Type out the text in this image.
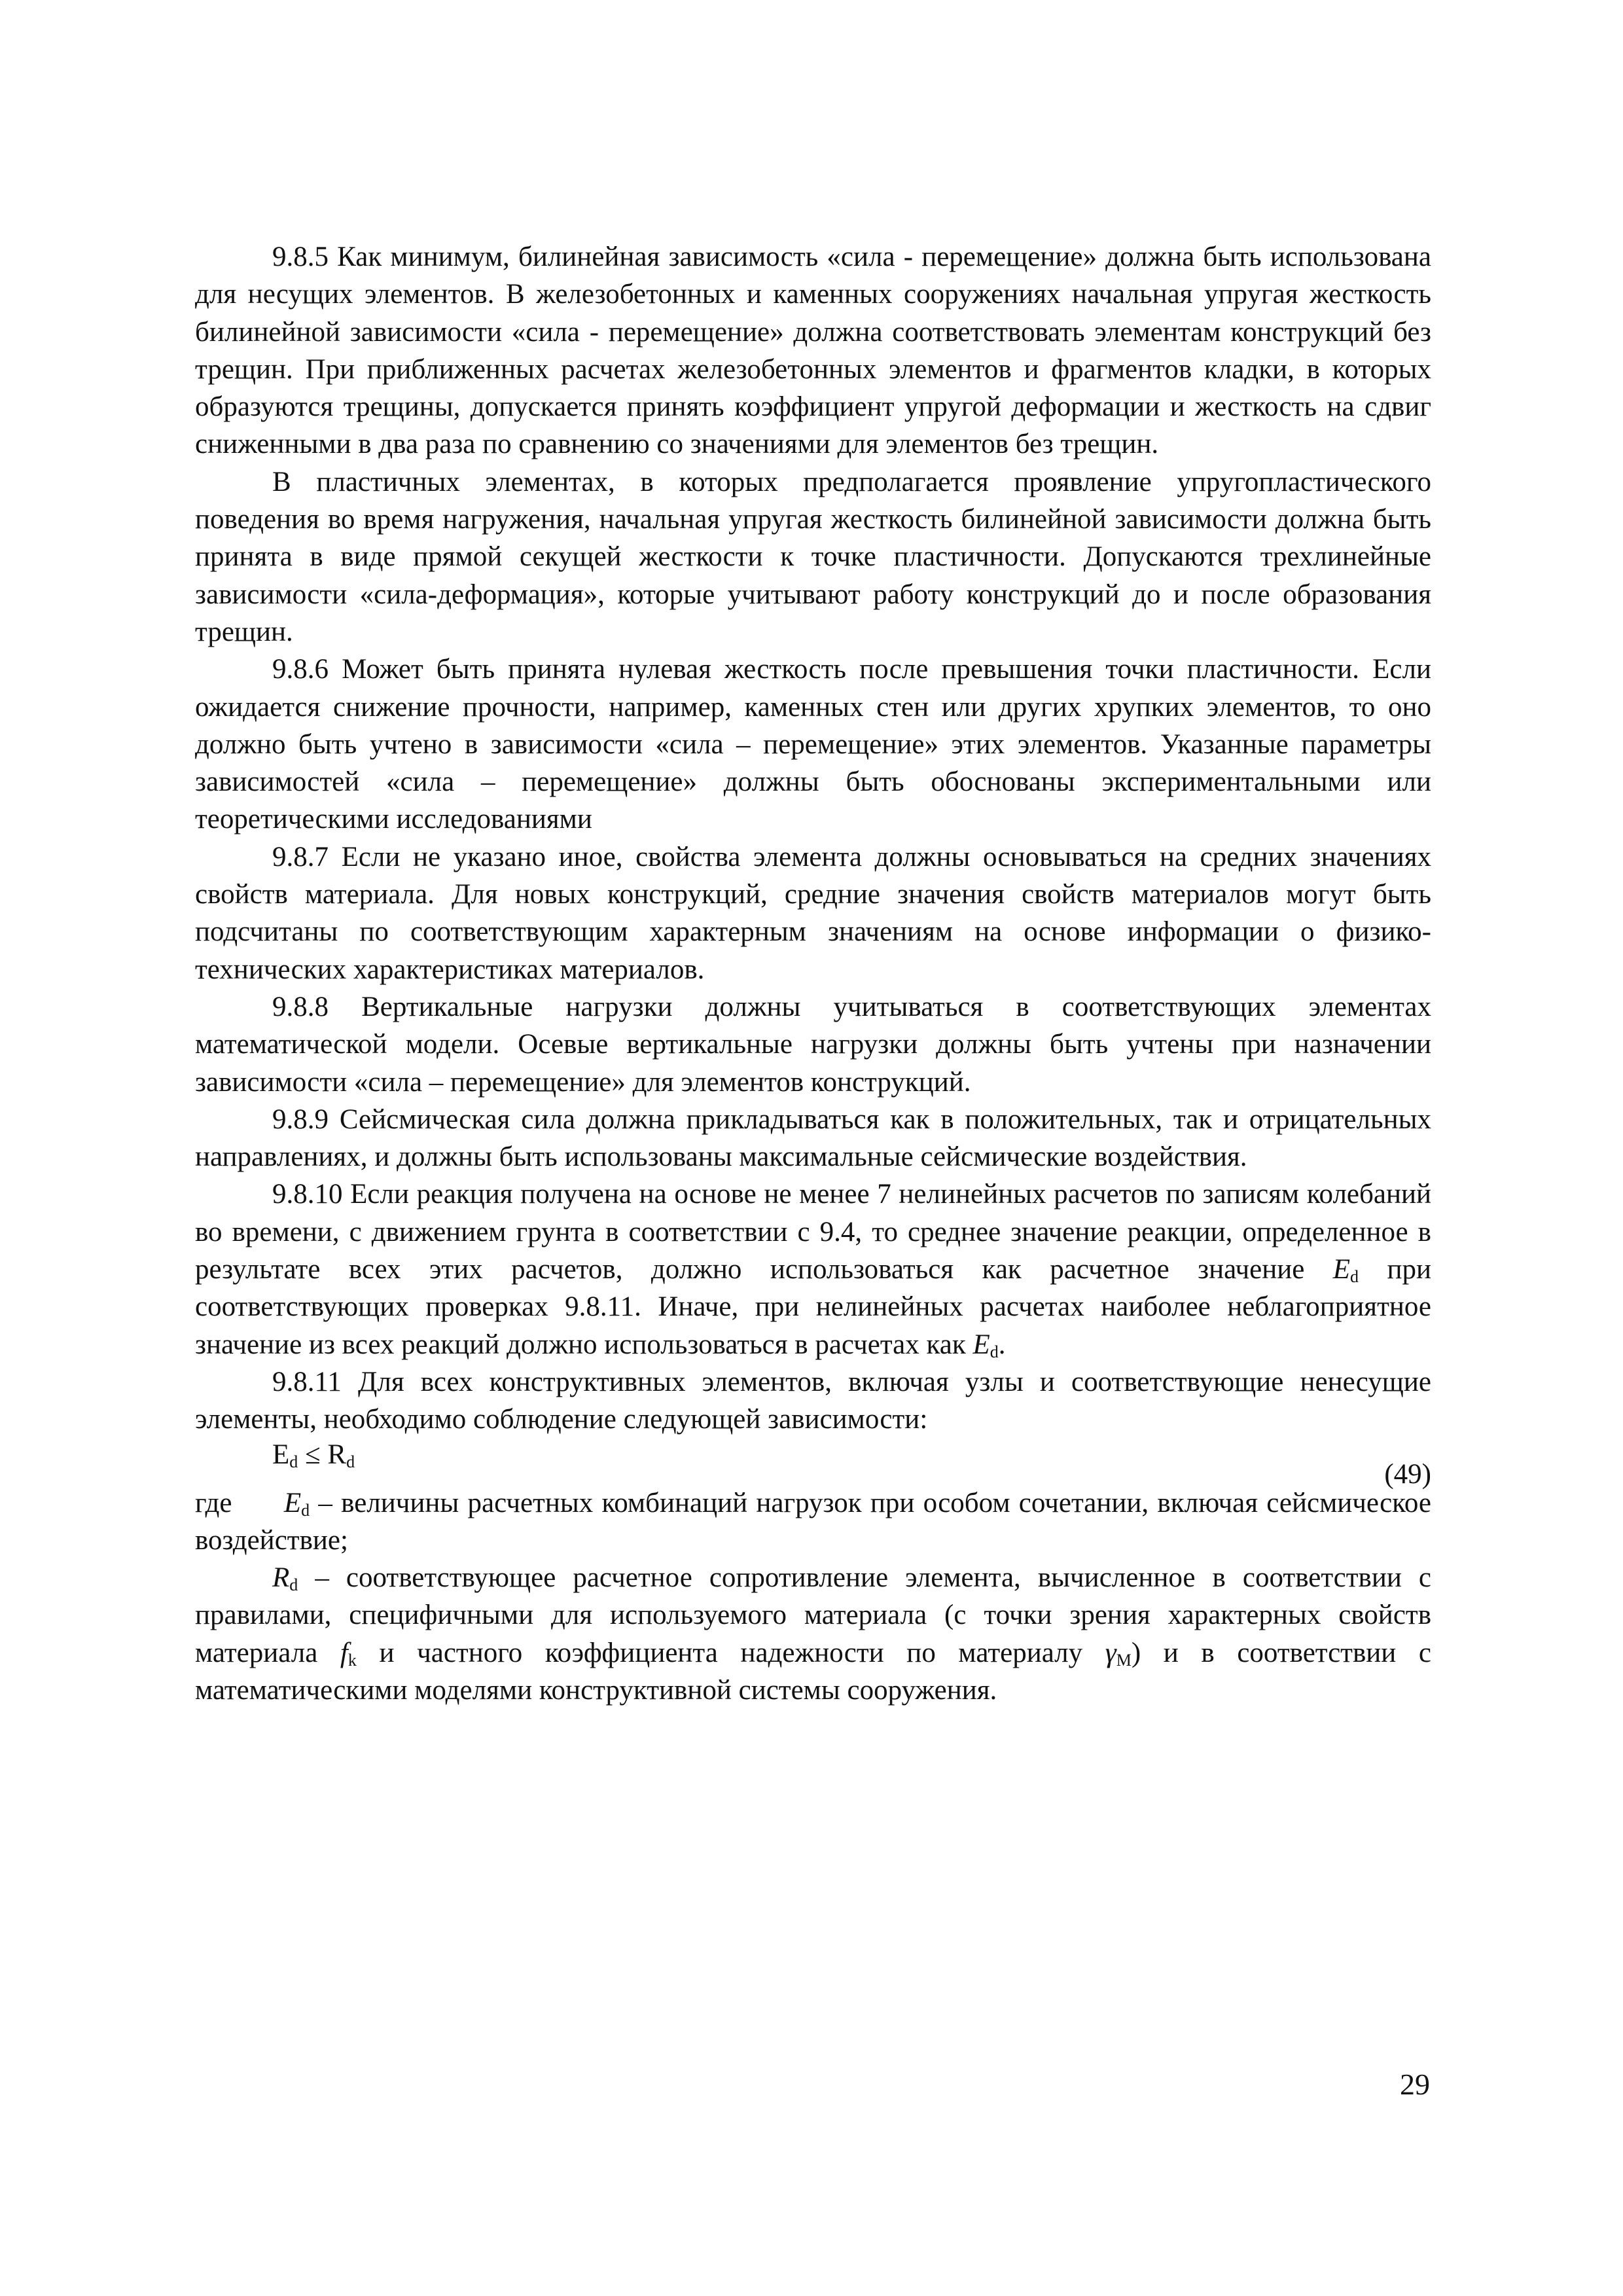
9.8.5 Как минимум, билинейная зависимость «сила - перемещение» должна быть использована для несущих элементов. В железобетонных и каменных сооружениях начальная упругая жесткость билинейной зависимости «сила - перемещение» должна соответствовать элементам конструкций без трещин. При приближенных расчетах железобетонных элементов и фрагментов кладки, в которых образуются трещины, допускается принять коэффициент упругой деформации и жесткость на сдвиг сниженными в два раза по сравнению со значениями для элементов без трещин.

В пластичных элементах, в которых предполагается проявление упругопластического поведения во время нагружения, начальная упругая жесткость билинейной зависимости должна быть принята в виде прямой секущей жесткости к точке пластичности. Допускаются трехлинейные зависимости «сила-деформация», которые учитывают работу конструкций до и после образования трещин.

9.8.6 Может быть принята нулевая жесткость после превышения точки пластичности. Если ожидается снижение прочности, например, каменных стен или других хрупких элементов, то оно должно быть учтено в зависимости «сила – перемещение» этих элементов. Указанные параметры зависимостей «сила – перемещение» должны быть обоснованы экспериментальными или теоретическими исследованиями

9.8.7 Если не указано иное, свойства элемента должны основываться на средних значениях свойств материала. Для новых конструкций, средние значения свойств материалов могут быть подсчитаны по соответствующим характерным значениям на основе информации о физико-технических характеристиках материалов.

9.8.8 Вертикальные нагрузки должны учитываться в соответствующих элементах математической модели. Осевые вертикальные нагрузки должны быть учтены при назначении зависимости «сила – перемещение» для элементов конструкций.

9.8.9 Сейсмическая сила должна прикладываться как в положительных, так и отрицательных направлениях, и должны быть использованы максимальные сейсмические воздействия.

9.8.10 Если реакция получена на основе не менее 7 нелинейных расчетов по записям колебаний во времени, с движением грунта в соответствии с 9.4, то среднее значение реакции, определенное в результате всех этих расчетов, должно использоваться как расчетное значение $E_d$ при соответствующих проверках 9.8.11. Иначе, при нелинейных расчетах наиболее неблагоприятное значение из всех реакций должно использоваться в расчетах как $E_d$.

9.8.11 Для всех конструктивных элементов, включая узлы и соответствующие ненесущие элементы, необходимо соблюдение следующей зависимости:

$E_d \le R_d$	(49)

где      $E_d$ – величины расчетных комбинаций нагрузок при особом сочетании, включая сейсмическое воздействие;

$R_d$ – соответствующее расчетное сопротивление элемента, вычисленное в соответствии с правилами, специфичными для используемого материала (с точки зрения характерных свойств материала $f_k$ и частного коэффициента надежности по материалу $\gamma_M$) и в соответствии с математическими моделями конструктивной системы сооружения.

29
